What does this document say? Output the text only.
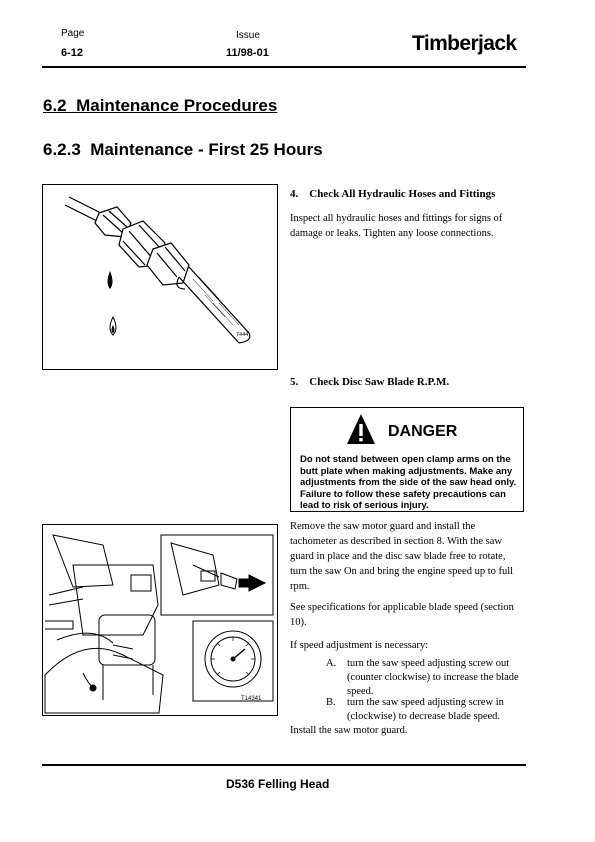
Page
6-12
Issue
11/98-01	Timberjack
6.2 Maintenance Procedures
6.2.3 Maintenance - First 25 Hours
7444
4. Check All Hydraulic Hoses and Fittings
Inspect all hydraulic hoses and fittings for signs of damage or leaks. Tighten any loose connections.
5. Check Disc Saw Blade R.P.M.
DANGER
Do not stand between open clamp arms on the butt plate when making adjustments. Make any adjustments from the side of the saw head only. Failure to follow these safety precautions can lead to risk of serious injury.
T14341
Remove the saw motor guard and install the tachometer as described in section 8. With the saw guard in place and the disc saw blade free to rotate, turn the saw On and bring the engine speed up to full rpm.
See specifications for applicable blade speed (section 10).
If speed adjustment is necessary:
A. turn the saw speed adjusting screw out (counter clockwise) to increase the blade speed.
B. turn the saw speed adjusting screw in (clockwise) to decrease blade speed.
Install the saw motor guard.
D536 Felling Head
